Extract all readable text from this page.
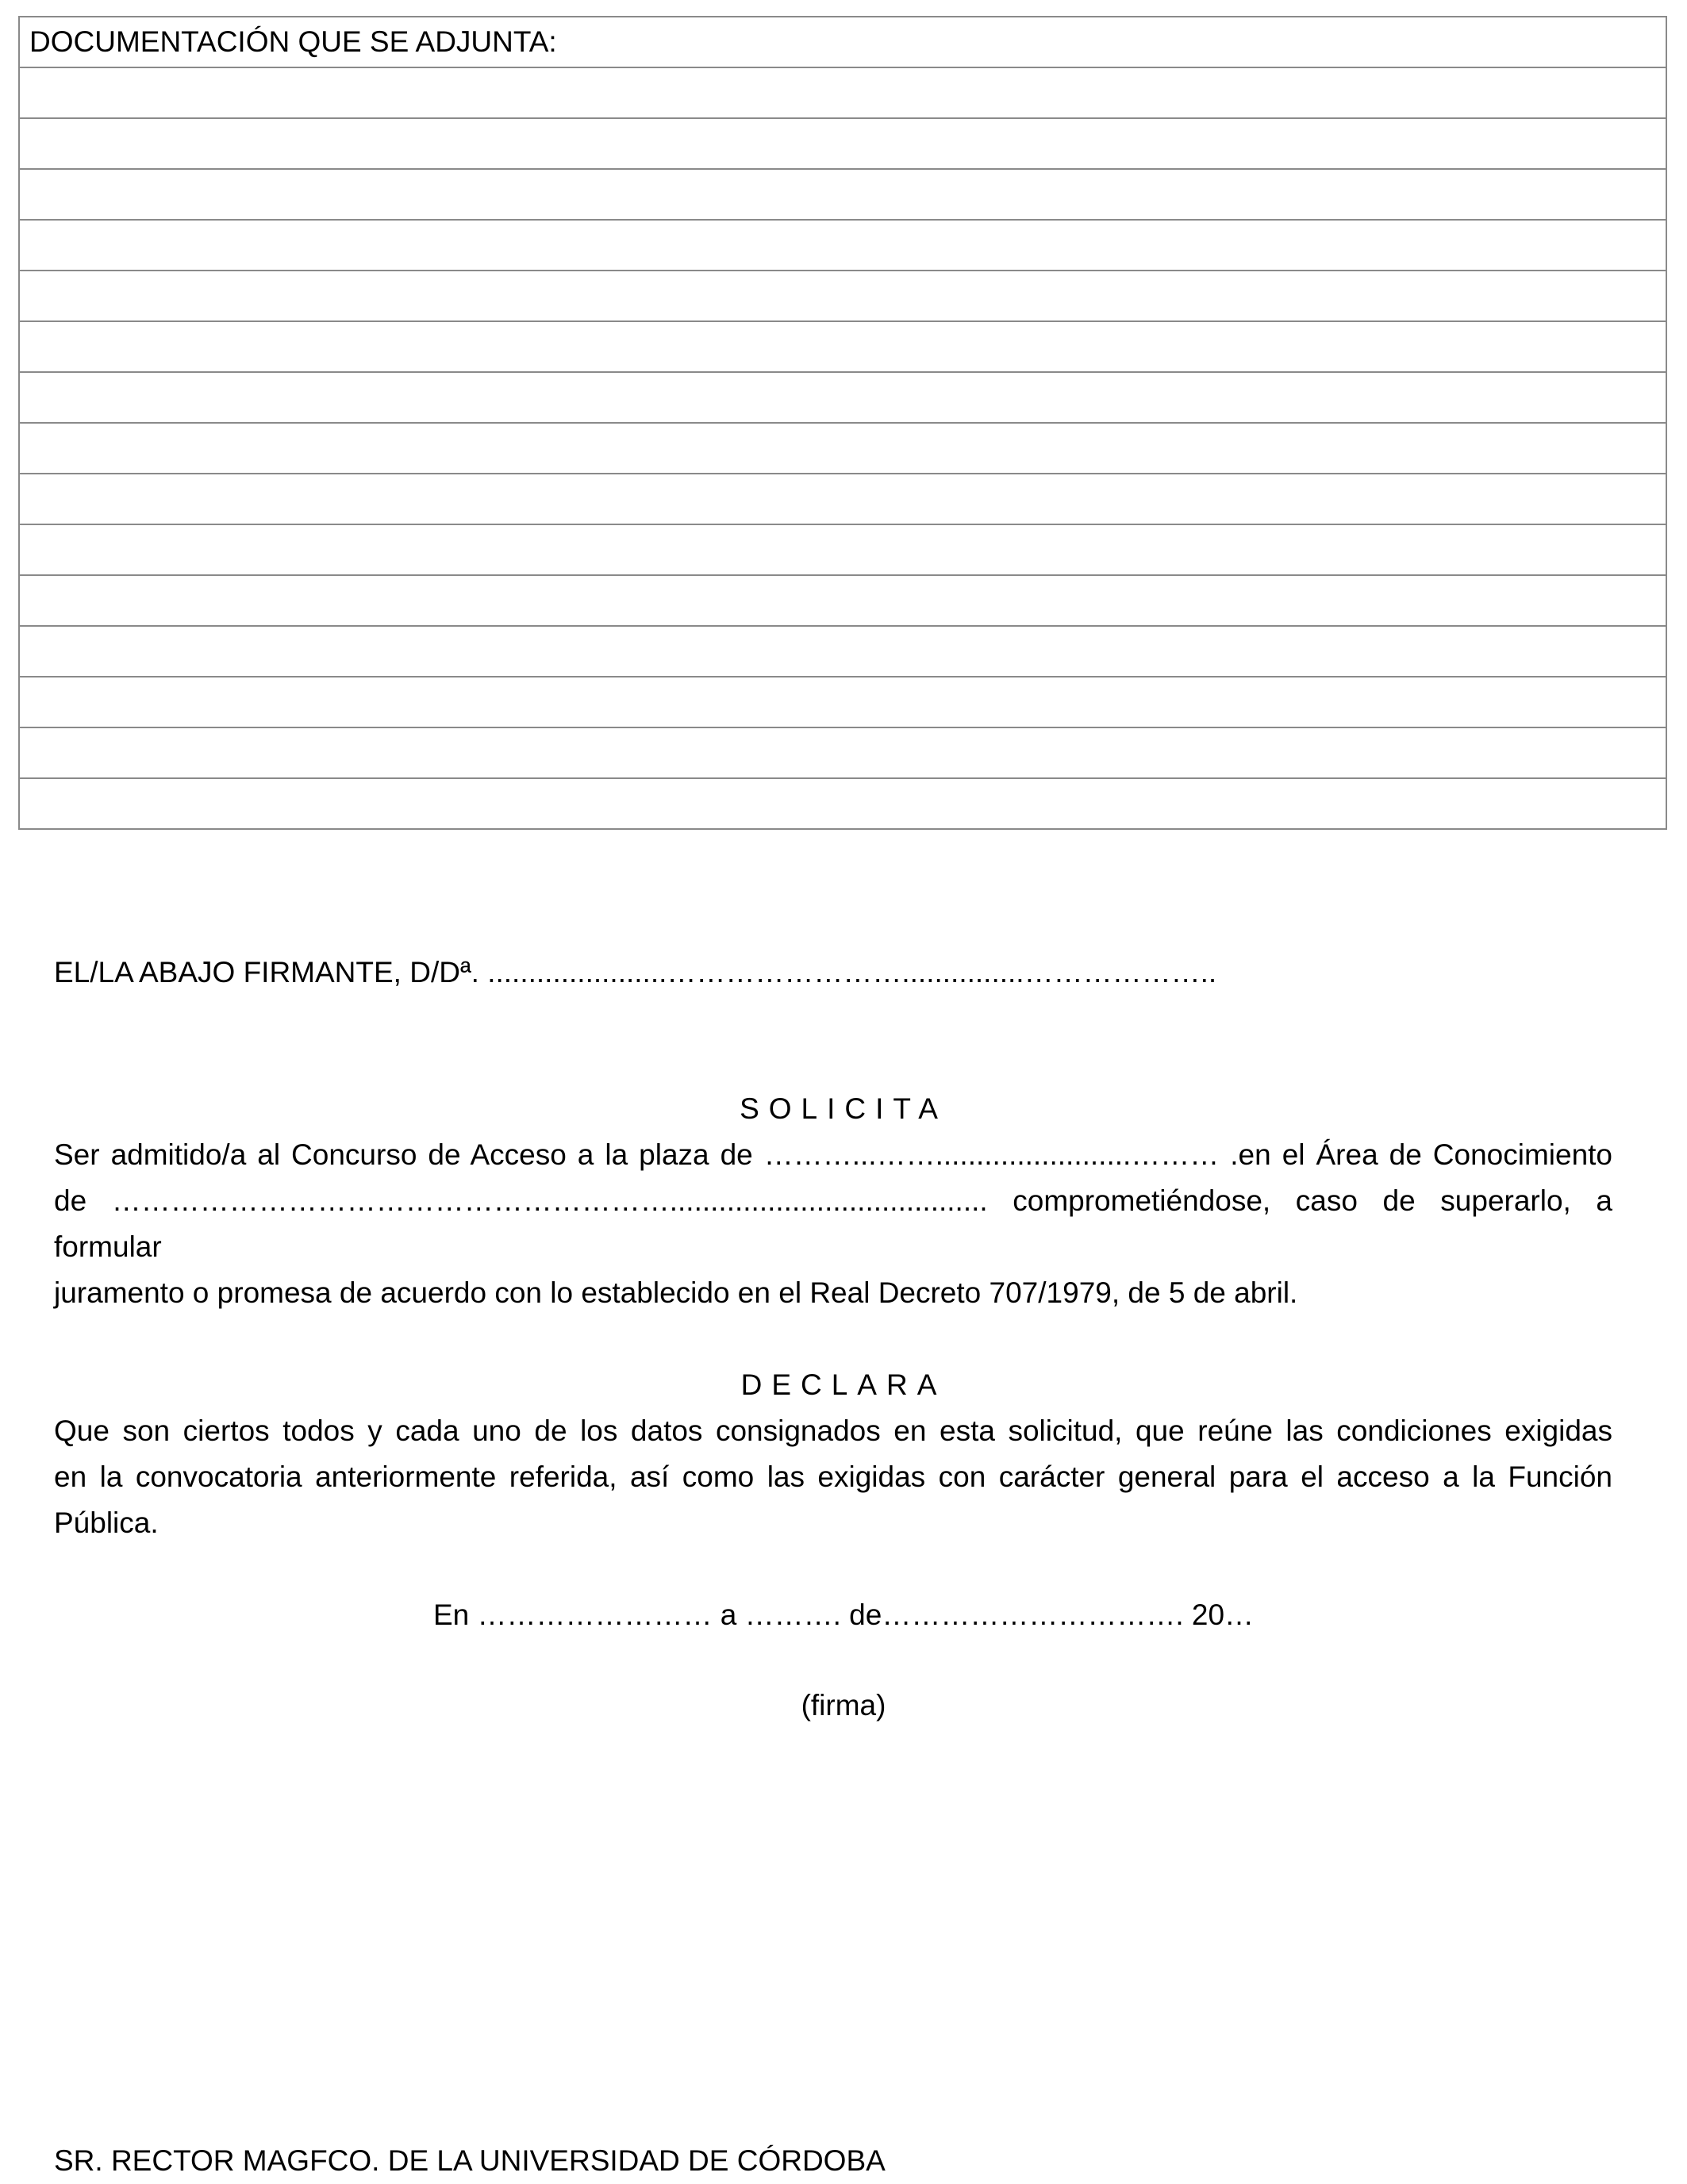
DOCUMENTACIÓN QUE SE ADJUNTA:

EL/LA ABAJO FIRMANTE, D/Dª. ......................……………………...............………………..
SOLICITA
Ser admitido/a al Concurso de Acceso a la plaza de ………...……........................……… .en el Área de Conocimiento
de …………………………………………………....................................... comprometiéndose, caso de superarlo, a formular
juramento o promesa de acuerdo con lo establecido en el Real Decreto 707/1979, de 5 de abril.
DECLARA
Que son ciertos todos y cada uno de los datos consignados en esta solicitud, que reúne las condiciones exigidas
en la convocatoria anteriormente referida, así como las exigidas con carácter general para el acceso a la Función
Pública.
En …………………… a ………. de…………………………. 20…
(firma)
SR. RECTOR MAGFCO. DE LA UNIVERSIDAD DE CÓRDOBA
